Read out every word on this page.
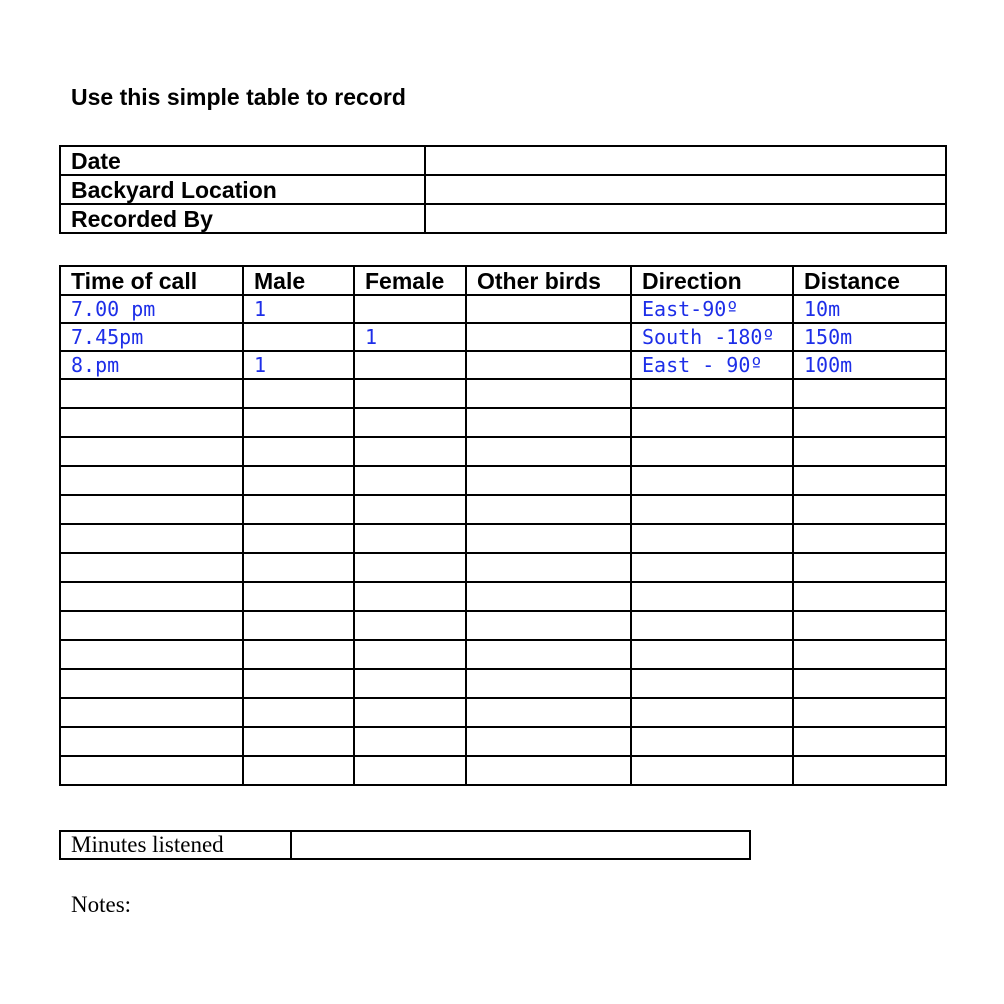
Use this simple table to record
Date	
Backyard Location	
Recorded By	
Time of call	Male	Female	Other birds	Direction	Distance
7.00 pm	1			East-90º	10m
7.45pm		1		South -180º	150m
8.pm	1			East - 90º	100m

Minutes listened	
Notes:
